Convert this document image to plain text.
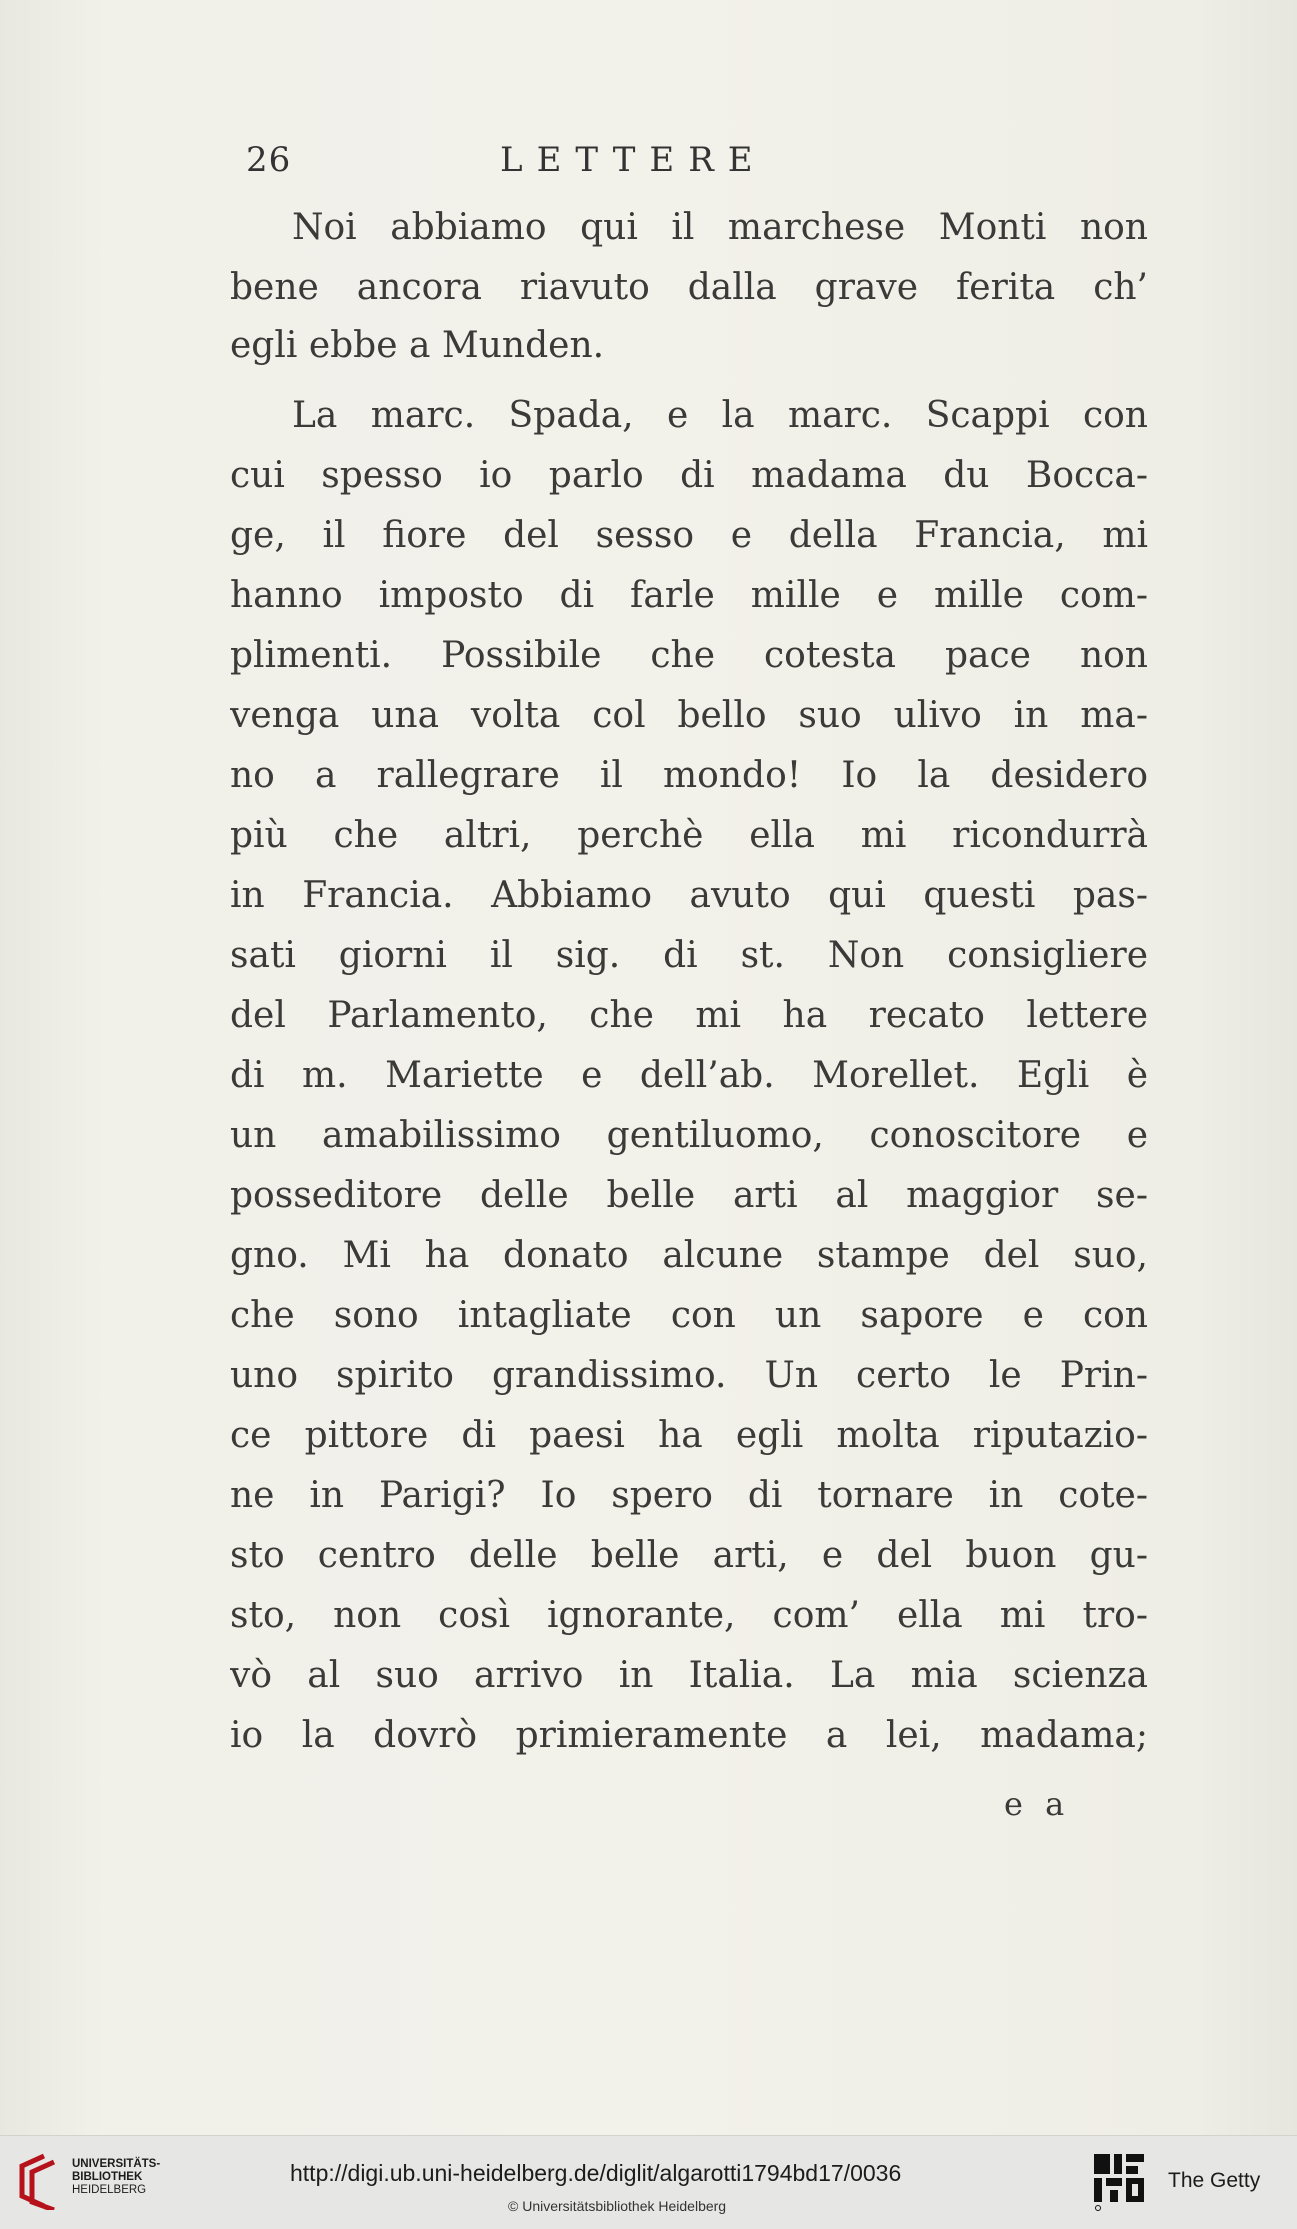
26	LETTERE
Noi abbiamo qui il marchese Monti non
bene ancora riavuto dalla grave ferita ch’
egli ebbe a Munden.
La marc. Spada, e la marc. Scappi con
cui spesso io parlo di madama du Bocca-
ge, il fiore del sesso e della Francia, mi
hanno imposto di farle mille e mille com-
plimenti. Possibile che cotesta pace non
venga una volta col bello suo ulivo in ma-
no a rallegrare il mondo! Io la desidero
più che altri, perchè ella mi ricondurrà
in Francia. Abbiamo avuto qui questi pas-
sati giorni il sig. di st. Non consigliere
del Parlamento, che mi ha recato lettere
di m. Mariette e dell’ab. Morellet. Egli è
un amabilissimo gentiluomo, conoscitore e
posseditore delle belle arti al maggior se-
gno. Mi ha donato alcune stampe del suo,
che sono intagliate con un sapore e con
uno spirito grandissimo. Un certo le Prin-
ce pittore di paesi ha egli molta riputazio-
ne in Parigi? Io spero di tornare in cote-
sto centro delle belle arti, e del buon gu-
sto, non così ignorante, com’ ella mi tro-
vò al suo arrivo in Italia. La mia scienza
io la dovrò primieramente a lei, madama;
e a
UNIVERSITÄTS-
BIBLIOTHEK
HEIDELBERG
http://digi.ub.uni-heidelberg.de/diglit/algarotti1794bd17/0036
© Universitätsbibliothek Heidelberg
The Getty
